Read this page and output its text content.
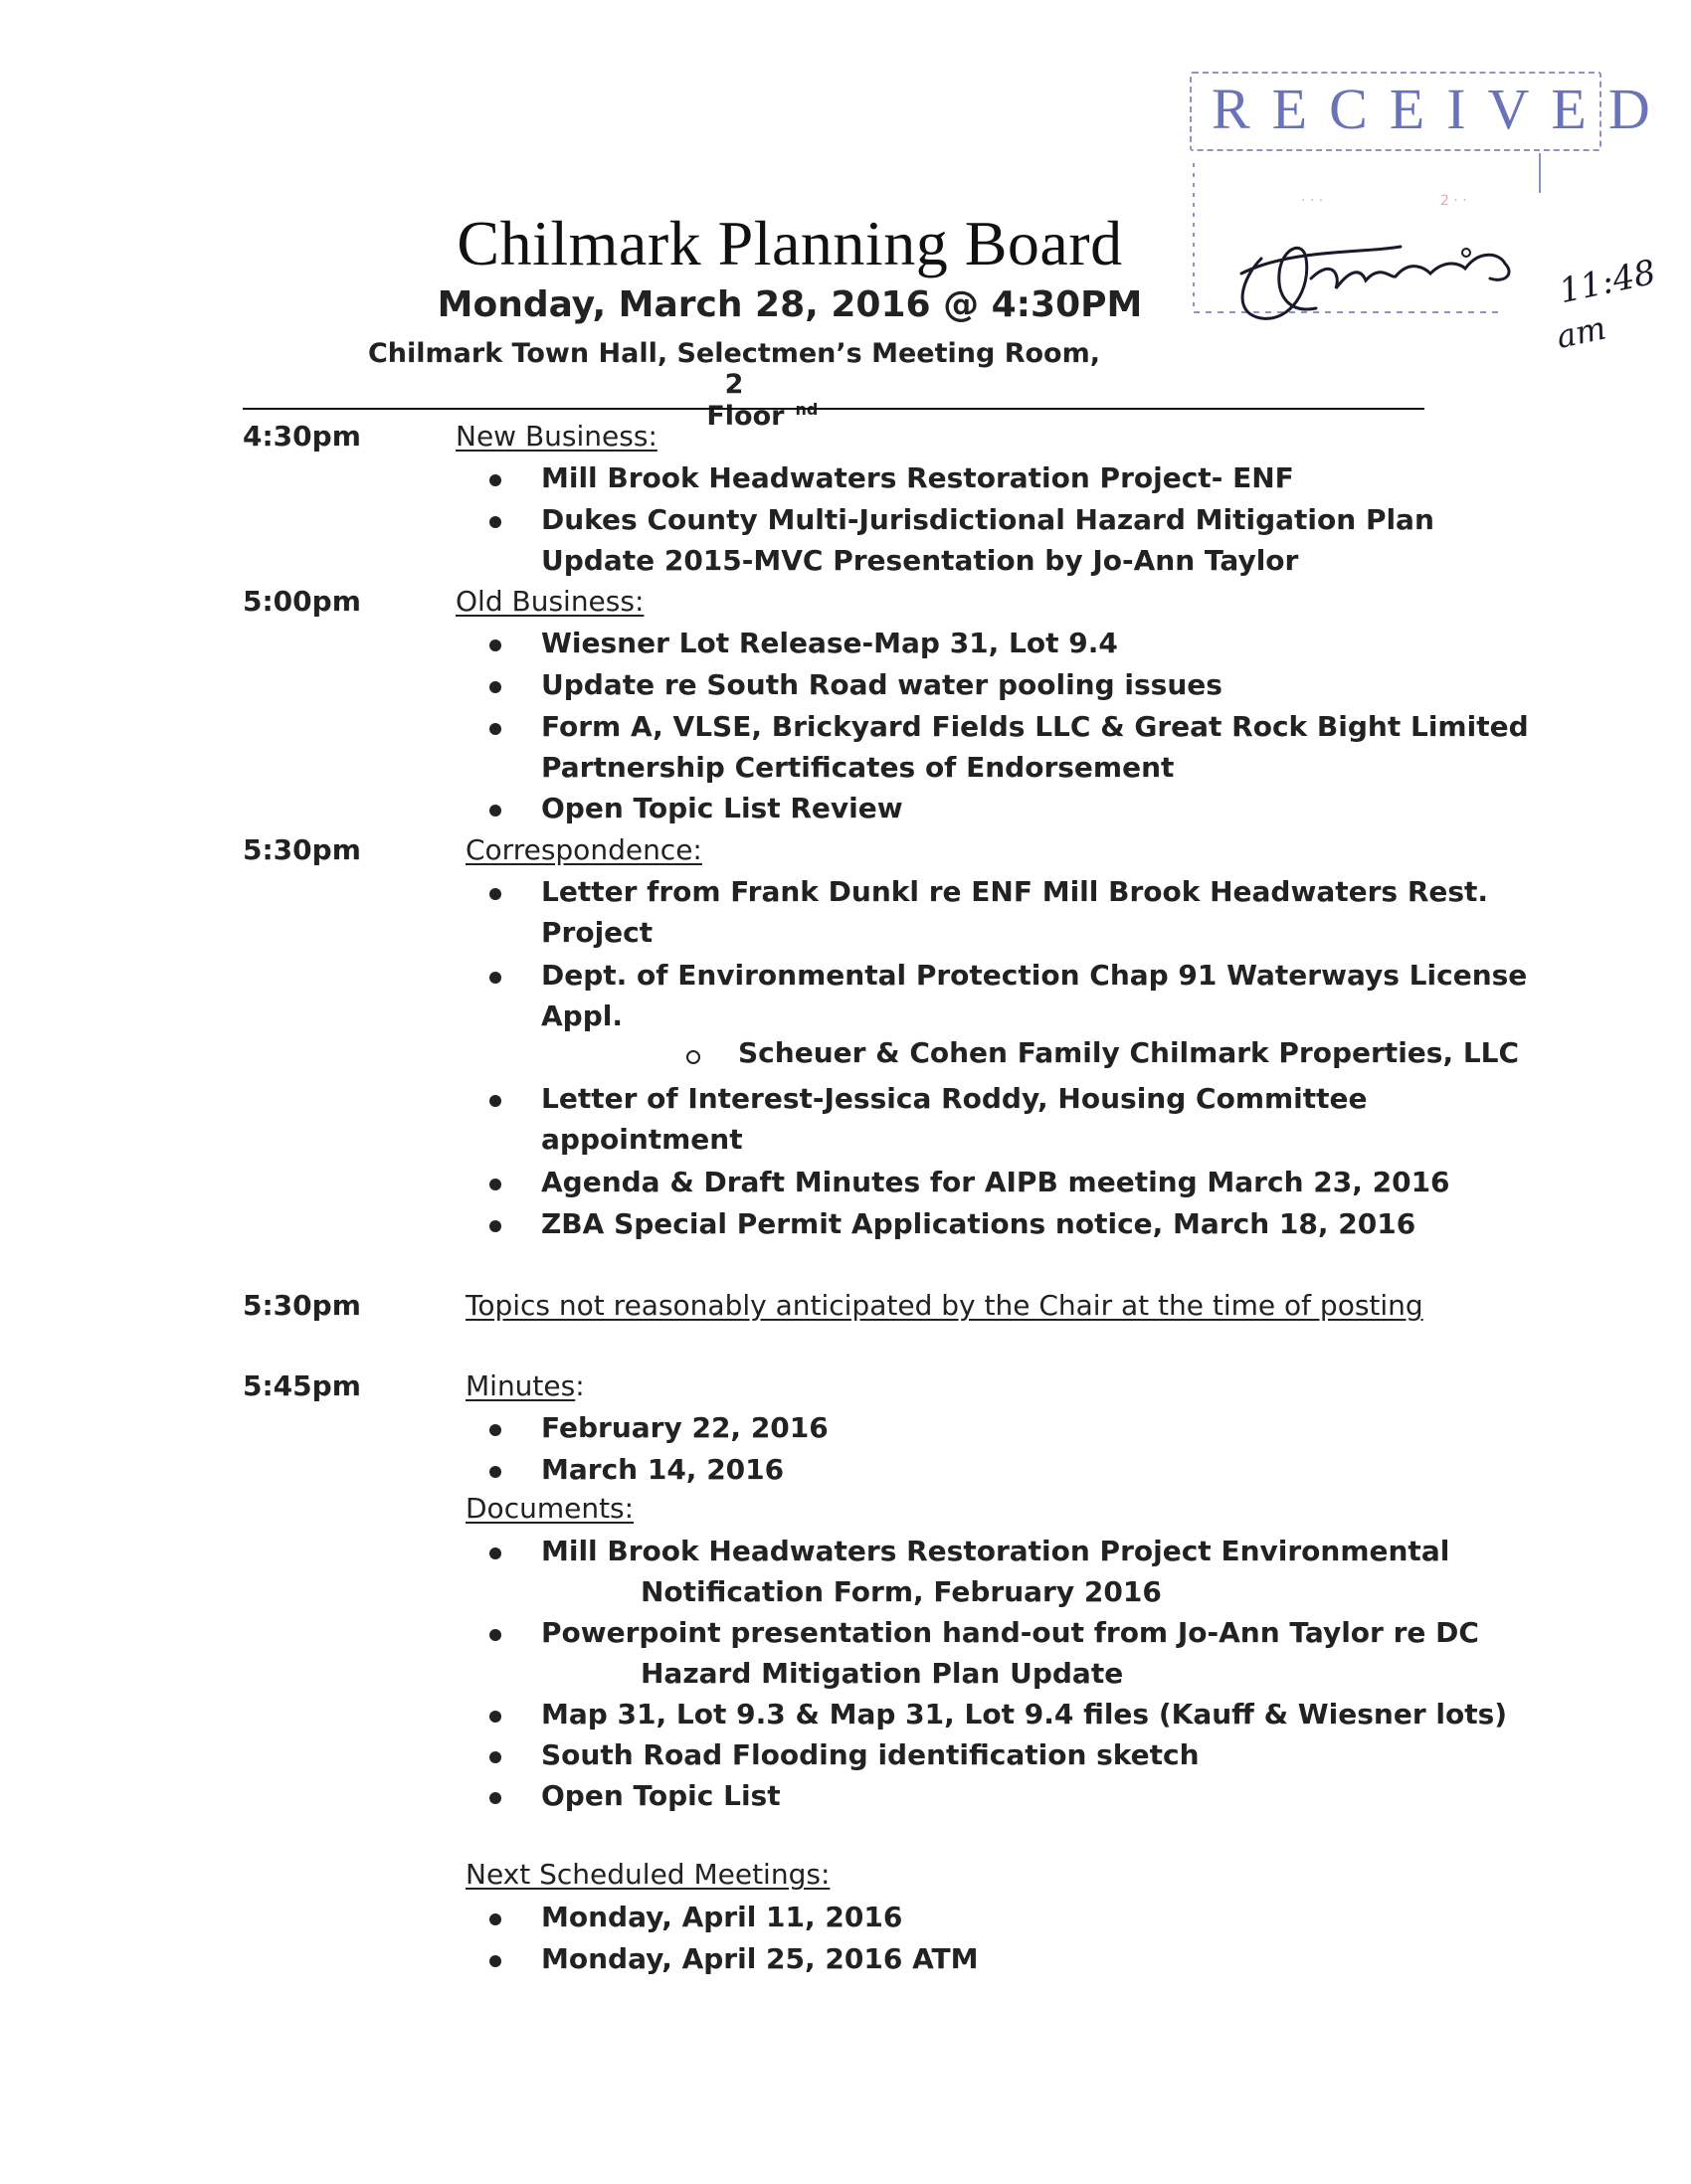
RECEIVED
· · ·	2 · ·
11:48
am
Chilmark Planning Board
Monday, March 28, 2016 @ 4:30PM
Chilmark Town Hall, Selectmen’s Meeting Room, 2ndFloor
4:30pm	New Business:
Mill Brook Headwaters Restoration Project- ENF
Dukes County Multi-Jurisdictional Hazard Mitigation Plan
Update 2015-MVC Presentation by Jo-Ann Taylor
5:00pm	Old Business:
Wiesner Lot Release-Map 31, Lot 9.4
Update re South Road water pooling issues
Form A, VLSE, Brickyard Fields LLC & Great Rock Bight Limited
Partnership Certificates of Endorsement
Open Topic List Review
5:30pm	Correspondence:
Letter from Frank Dunkl re ENF Mill Brook Headwaters Rest.
Project
Dept. of Environmental Protection Chap 91 Waterways License
Appl.
Scheuer & Cohen Family Chilmark Properties, LLC
Letter of Interest-Jessica Roddy, Housing Committee
appointment
Agenda & Draft Minutes for AIPB meeting March 23, 2016
ZBA Special Permit Applications notice, March 18, 2016
5:30pm	Topics not reasonably anticipated by the Chair at the time of posting
5:45pm	Minutes:
February 22, 2016
March 14, 2016
Documents:
Mill Brook Headwaters Restoration Project Environmental
Notification Form, February 2016
Powerpoint presentation hand-out from Jo-Ann Taylor re DC
Hazard Mitigation Plan Update
Map 31, Lot 9.3 & Map 31, Lot 9.4 files (Kauff & Wiesner lots)
South Road Flooding identification sketch
Open Topic List
Next Scheduled Meetings:
Monday, April 11, 2016
Monday, April 25, 2016 ATM
